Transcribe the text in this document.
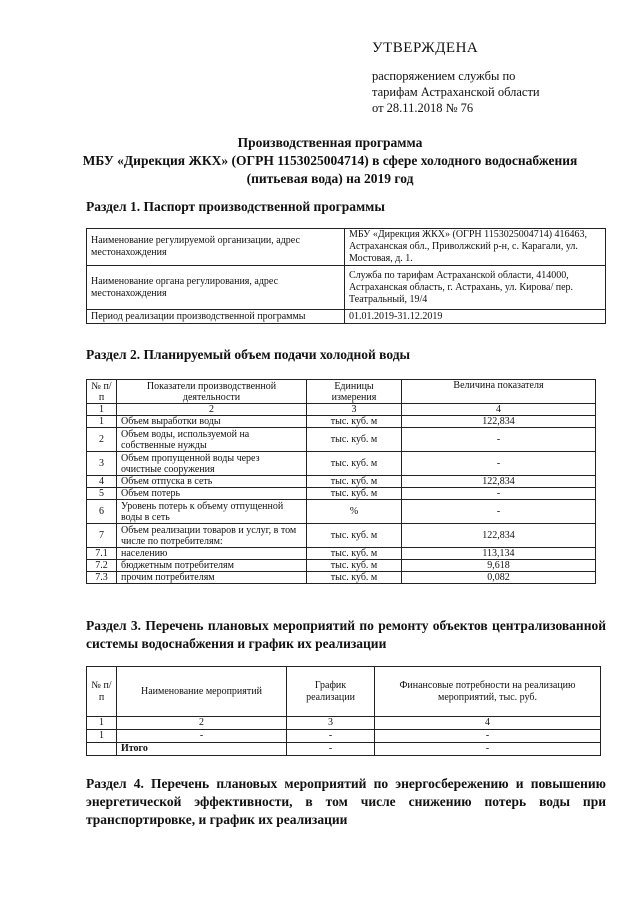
УТВЕРЖДЕНА
распоряжением службы по
тарифам Астраханской области
от 28.11.2018 № 76
Производственная программа
МБУ «Дирекция ЖКХ» (ОГРН 1153025004714) в сфере холодного водоснабжения
(питьевая вода) на 2019 год
Раздел 1. Паспорт производственной программы
Наименование регулируемой организации, адрес местонахождения	МБУ «Дирекция ЖКХ» (ОГРН 1153025004714) 416463, Астраханская обл., Приволжский р-н, с. Карагали, ул. Мостовая, д. 1.
Наименование органа регулирования, адрес местонахождения	Служба по тарифам Астраханской области, 414000, Астраханская область, г. Астрахань, ул. Кирова/ пер. Театральный, 19/4
Период реализации производственной программы	01.01.2019-31.12.2019
Раздел 2. Планируемый объем подачи холодной воды
№ п/п	Показатели производственной деятельности	Единицы измерения	Величина показателя
1	2	3	4
1	Объем выработки воды	тыс. куб. м	122,834
2	Объем воды, используемой на собственные нужды	тыс. куб. м	-
3	Объем пропущенной воды через очистные сооружения	тыс. куб. м	-
4	Объем отпуска в сеть	тыс. куб. м	122,834
5	Объем потерь	тыс. куб. м	-
6	Уровень потерь к объему отпущенной воды в сеть	%	-
7	Объем реализации товаров и услуг, в том числе по потребителям:	тыс. куб. м	122,834
7.1	населению	тыс. куб. м	113,134
7.2	бюджетным потребителям	тыс. куб. м	9,618
7.3	прочим потребителям	тыс. куб. м	0,082
Раздел 3. Перечень плановых мероприятий по ремонту объектов централизованной системы водоснабжения и график их реализации
№ п/п	Наименование мероприятий	График реализации	Финансовые потребности на реализацию мероприятий, тыс. руб.
1	2	3	4
1	-	-	-
	Итого	-	-
Раздел 4. Перечень плановых мероприятий по энергосбережению и повышению энергетической эффективности, в том числе снижению потерь воды при транспортировке, и график их реализации
